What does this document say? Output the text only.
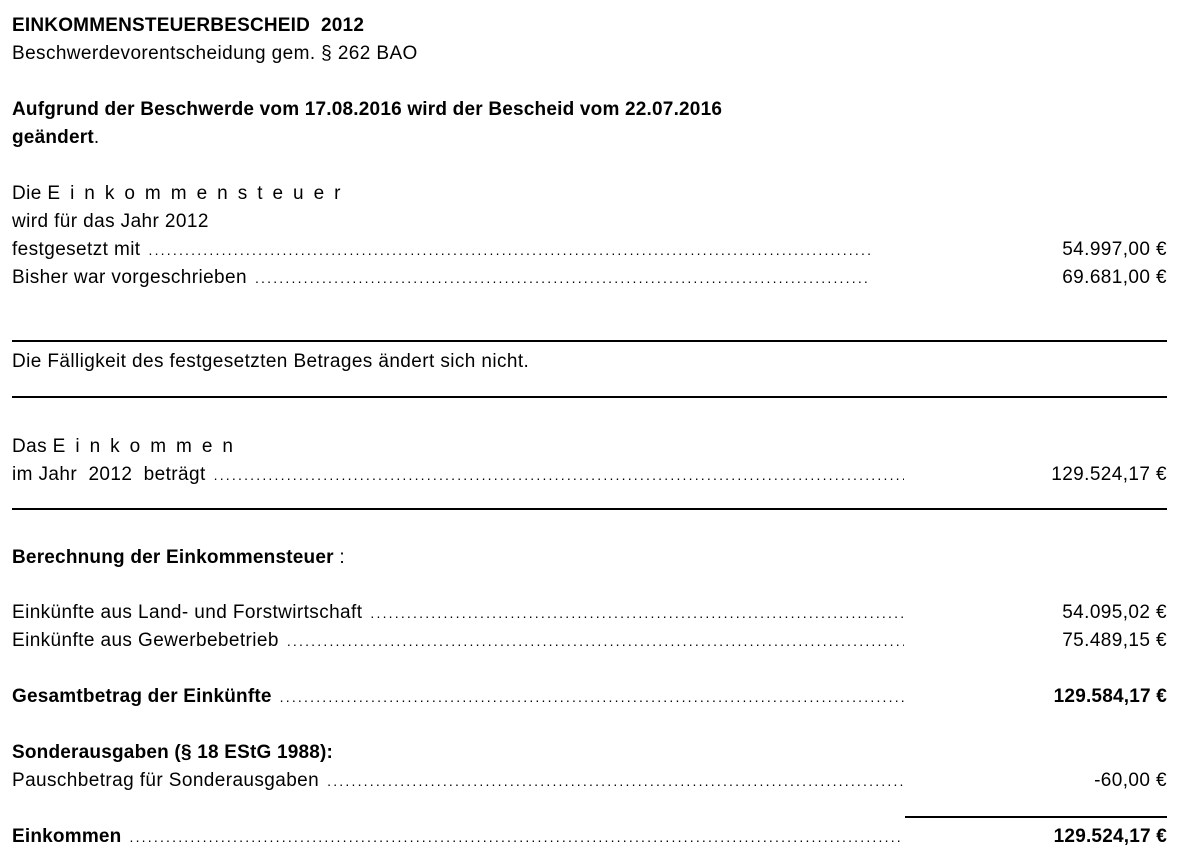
EINKOMMENSTEUERBESCHEID  2012
Beschwerdevorentscheidung gem. § 262 BAO
Aufgrund der Beschwerde vom 17.08.2016 wird der Bescheid vom 22.07.2016
geändert.
Die Einkommensteuer
wird für das Jahr 2012
festgesetzt mit .....	54.997,00 €
Bisher war vorgeschrieben .....	69.681,00 €
Die Fälligkeit des festgesetzten Betrages ändert sich nicht.
Das Einkommen
im Jahr  2012  beträgt .....	129.524,17 €
Berechnung der Einkommensteuer :
Einkünfte aus Land- und Forstwirtschaft .....	54.095,02 €
Einkünfte aus Gewerbebetrieb .....	75.489,15 €
Gesamtbetrag der Einkünfte .....	129.584,17 €
Sonderausgaben (§ 18 EStG 1988):
Pauschbetrag für Sonderausgaben .....	-60,00 €
Einkommen .....	129.524,17 €
